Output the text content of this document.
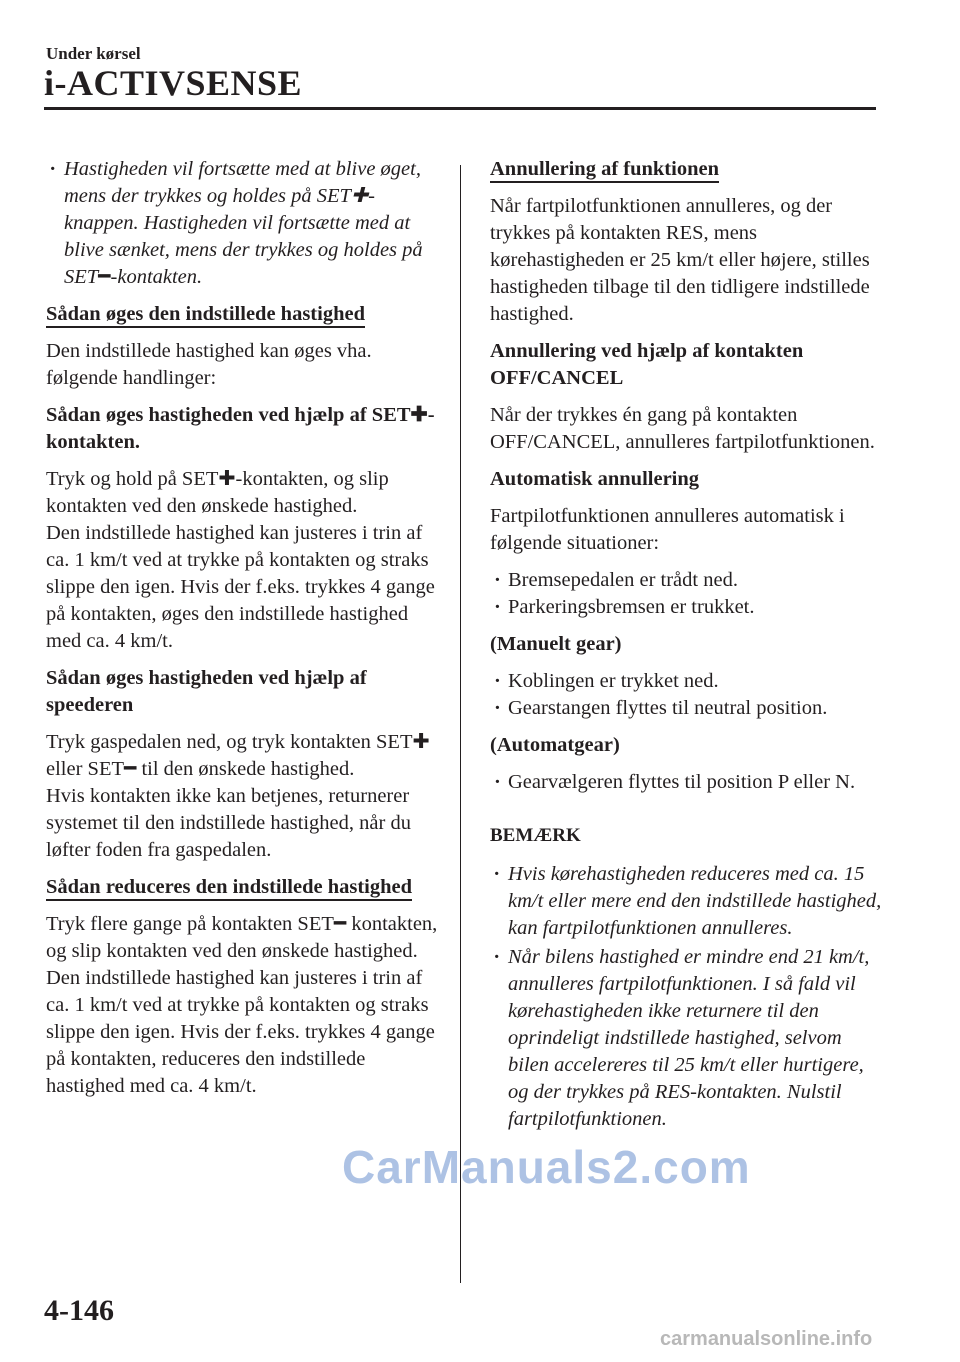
Under kørsel
i-ACTIVSENSE

· Hastigheden vil fortsætte med at blive øget, mens der trykkes og holdes på SET✚-knappen. Hastigheden vil fortsætte med at blive sænket, mens der trykkes og holdes på SET━-kontakten.

Sådan øges den indstillede hastighed

Den indstillede hastighed kan øges vha. følgende handlinger:

Sådan øges hastigheden ved hjælp af SET✚-kontakten.

Tryk og hold på SET✚-kontakten, og slip kontakten ved den ønskede hastighed.

Den indstillede hastighed kan justeres i trin af ca. 1 km/t ved at trykke på kontakten og straks slippe den igen. Hvis der f.eks. trykkes 4 gange på kontakten, øges den indstillede hastighed med ca. 4 km/t.

Sådan øges hastigheden ved hjælp af speederen

Tryk gaspedalen ned, og tryk kontakten SET✚ eller SET━ til den ønskede hastighed.

Hvis kontakten ikke kan betjenes, returnerer systemet til den indstillede hastighed, når du løfter foden fra gaspedalen.

Sådan reduceres den indstillede hastighed

Tryk flere gange på kontakten SET━ kontakten, og slip kontakten ved den ønskede hastighed.

Den indstillede hastighed kan justeres i trin af ca. 1 km/t ved at trykke på kontakten og straks slippe den igen. Hvis der f.eks. trykkes 4 gange på kontakten, reduceres den indstillede hastighed med ca. 4 km/t.

Annullering af funktionen

Når fartpilotfunktionen annulleres, og der trykkes på kontakten RES, mens kørehastigheden er 25 km/t eller højere, stilles hastigheden tilbage til den tidligere indstillede hastighed.

Annullering ved hjælp af kontakten OFF/CANCEL

Når der trykkes én gang på kontakten OFF/CANCEL, annulleres fartpilotfunktionen.

Automatisk annullering

Fartpilotfunktionen annulleres automatisk i følgende situationer:

· Bremsepedalen er trådt ned.

· Parkeringsbremsen er trukket.

(Manuelt gear)

· Koblingen er trykket ned.

· Gearstangen flyttes til neutral position.

(Automatgear)

· Gearvælgeren flyttes til position P eller N.

BEMÆRK

· Hvis kørehastigheden reduceres med ca. 15 km/t eller mere end den indstillede hastighed, kan fartpilotfunktionen annulleres.

· Når bilens hastighed er mindre end 21 km/t, annulleres fartpilotfunktionen. I så fald vil kørehastigheden ikke returnere til den oprindeligt indstillede hastighed, selvom bilen accelereres til 25 km/t eller hurtigere, og der trykkes på RES-kontakten. Nulstil fartpilotfunktionen.

4-146
CarManuals2.com
carmanualsonline.info
